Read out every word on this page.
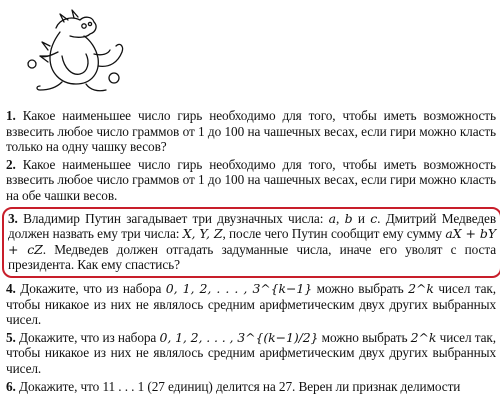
1. Какое наименьшее число гирь необходимо для того, чтобы иметь возможность взвесить любое число граммов от 1 до 100 на чашечных весах, если гири можно класть только на одну чашку весов?
2. Какое наименьшее число гирь необходимо для того, чтобы иметь возможность взвесить любое число граммов от 1 до 100 на чашечных весах, если гири можно класть на обе чашки весов.
3. Владимир Путин загадывает три двузначных числа: a, b и c. Дмитрий Медведев должен назвать ему три числа: X, Y, Z, после чего Путин сообщит ему сумму aX + bY + cZ. Медведев должен отгадать задуманные числа, иначе его уволят с поста президента. Как ему спастись?
4. Докажите, что из набора 0, 1, 2, . . . , 3^{k−1} можно выбрать 2^k чисел так, чтобы никакое из них не являлось средним арифметическим двух других выбранных чисел.
5. Докажите, что из набора 0, 1, 2, . . . , 3^{(k−1)/2} можно выбрать 2^k чисел так, чтобы никакое из них не являлось средним арифметическим двух других выбранных чисел.
6. Докажите, что 11 . . . 1 (27 единиц) делится на 27. Верен ли признак делимости
